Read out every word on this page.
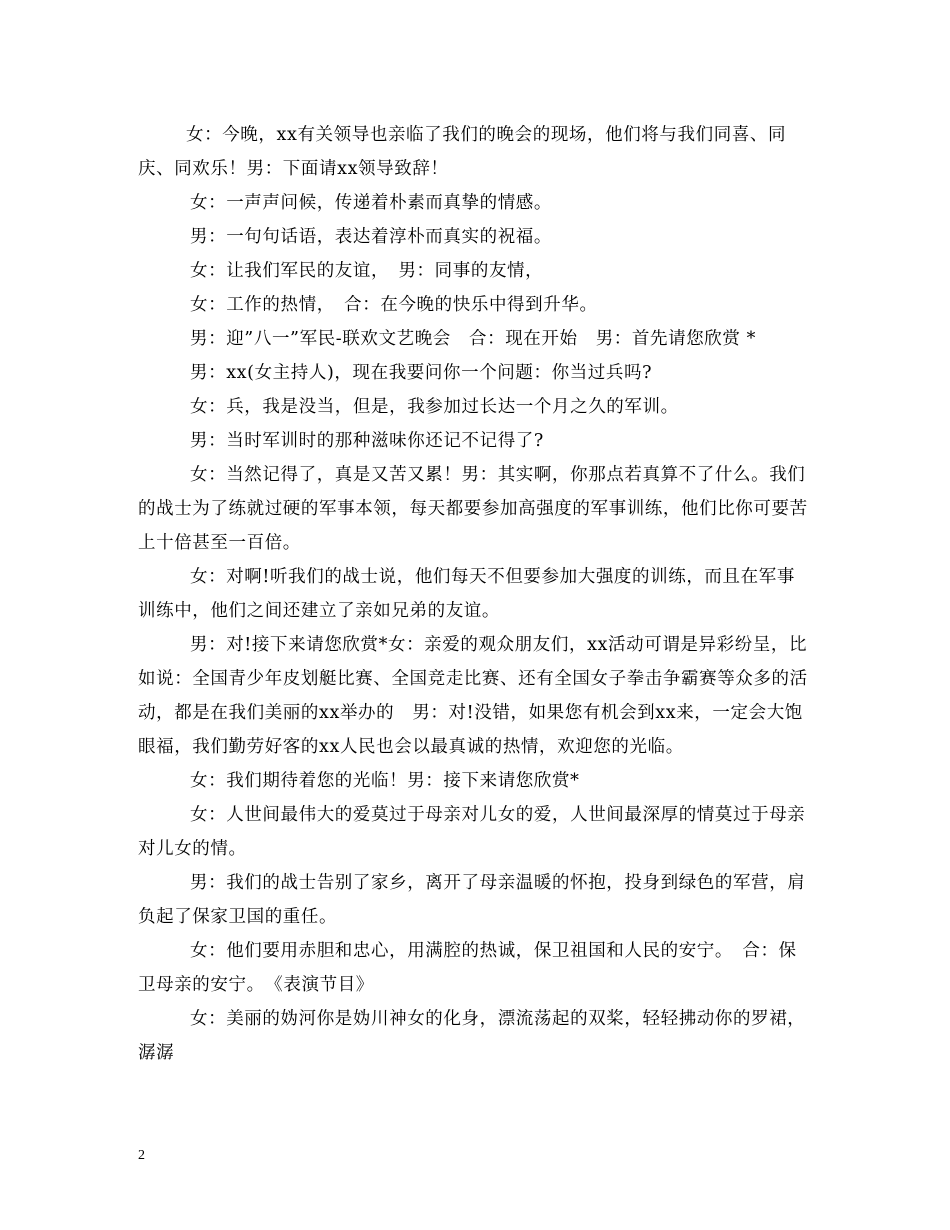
女：今晚，xx有关领导也亲临了我们的晚会的现场，他们将与我们同喜、同庆、同欢乐！男：下面请xx领导致辞！

女：一声声问候，传递着朴素而真挚的情感。

男：一句句话语，表达着淳朴而真实的祝福。

女：让我们军民的友谊，　男：同事的友情，

女：工作的热情，　合：在今晚的快乐中得到升华。

男：迎”八一”军民-联欢文艺晚会　合：现在开始　男：首先请您欣赏 *

男：xx(女主持人)，现在我要问你一个问题：你当过兵吗?

女：兵，我是没当，但是，我参加过长达一个月之久的军训。

男：当时军训时的那种滋味你还记不记得了?

女：当然记得了，真是又苦又累！男：其实啊，你那点若真算不了什么。我们的战士为了练就过硬的军事本领，每天都要参加高强度的军事训练，他们比你可要苦上十倍甚至一百倍。

女：对啊!听我们的战士说，他们每天不但要参加大强度的训练，而且在军事训练中，他们之间还建立了亲如兄弟的友谊。

男：对!接下来请您欣赏*女：亲爱的观众朋友们，xx活动可谓是异彩纷呈，比如说：全国青少年皮划艇比赛、全国竞走比赛、还有全国女子拳击争霸赛等众多的活动，都是在我们美丽的xx举办的　男：对!没错，如果您有机会到xx来，一定会大饱眼福，我们勤劳好客的xx人民也会以最真诚的热情，欢迎您的光临。

女：我们期待着您的光临！男：接下来请您欣赏*

女：人世间最伟大的爱莫过于母亲对儿女的爱，人世间最深厚的情莫过于母亲对儿女的情。

男：我们的战士告别了家乡，离开了母亲温暖的怀抱，投身到绿色的军营，肩负起了保家卫国的重任。

女：他们要用赤胆和忠心，用满腔的热诚，保卫祖国和人民的安宁。　合：保卫母亲的安宁。　《表演节目》

女：美丽的妫河你是妫川神女的化身，漂流荡起的双桨，轻轻拂动你的罗裙，潺潺

2
